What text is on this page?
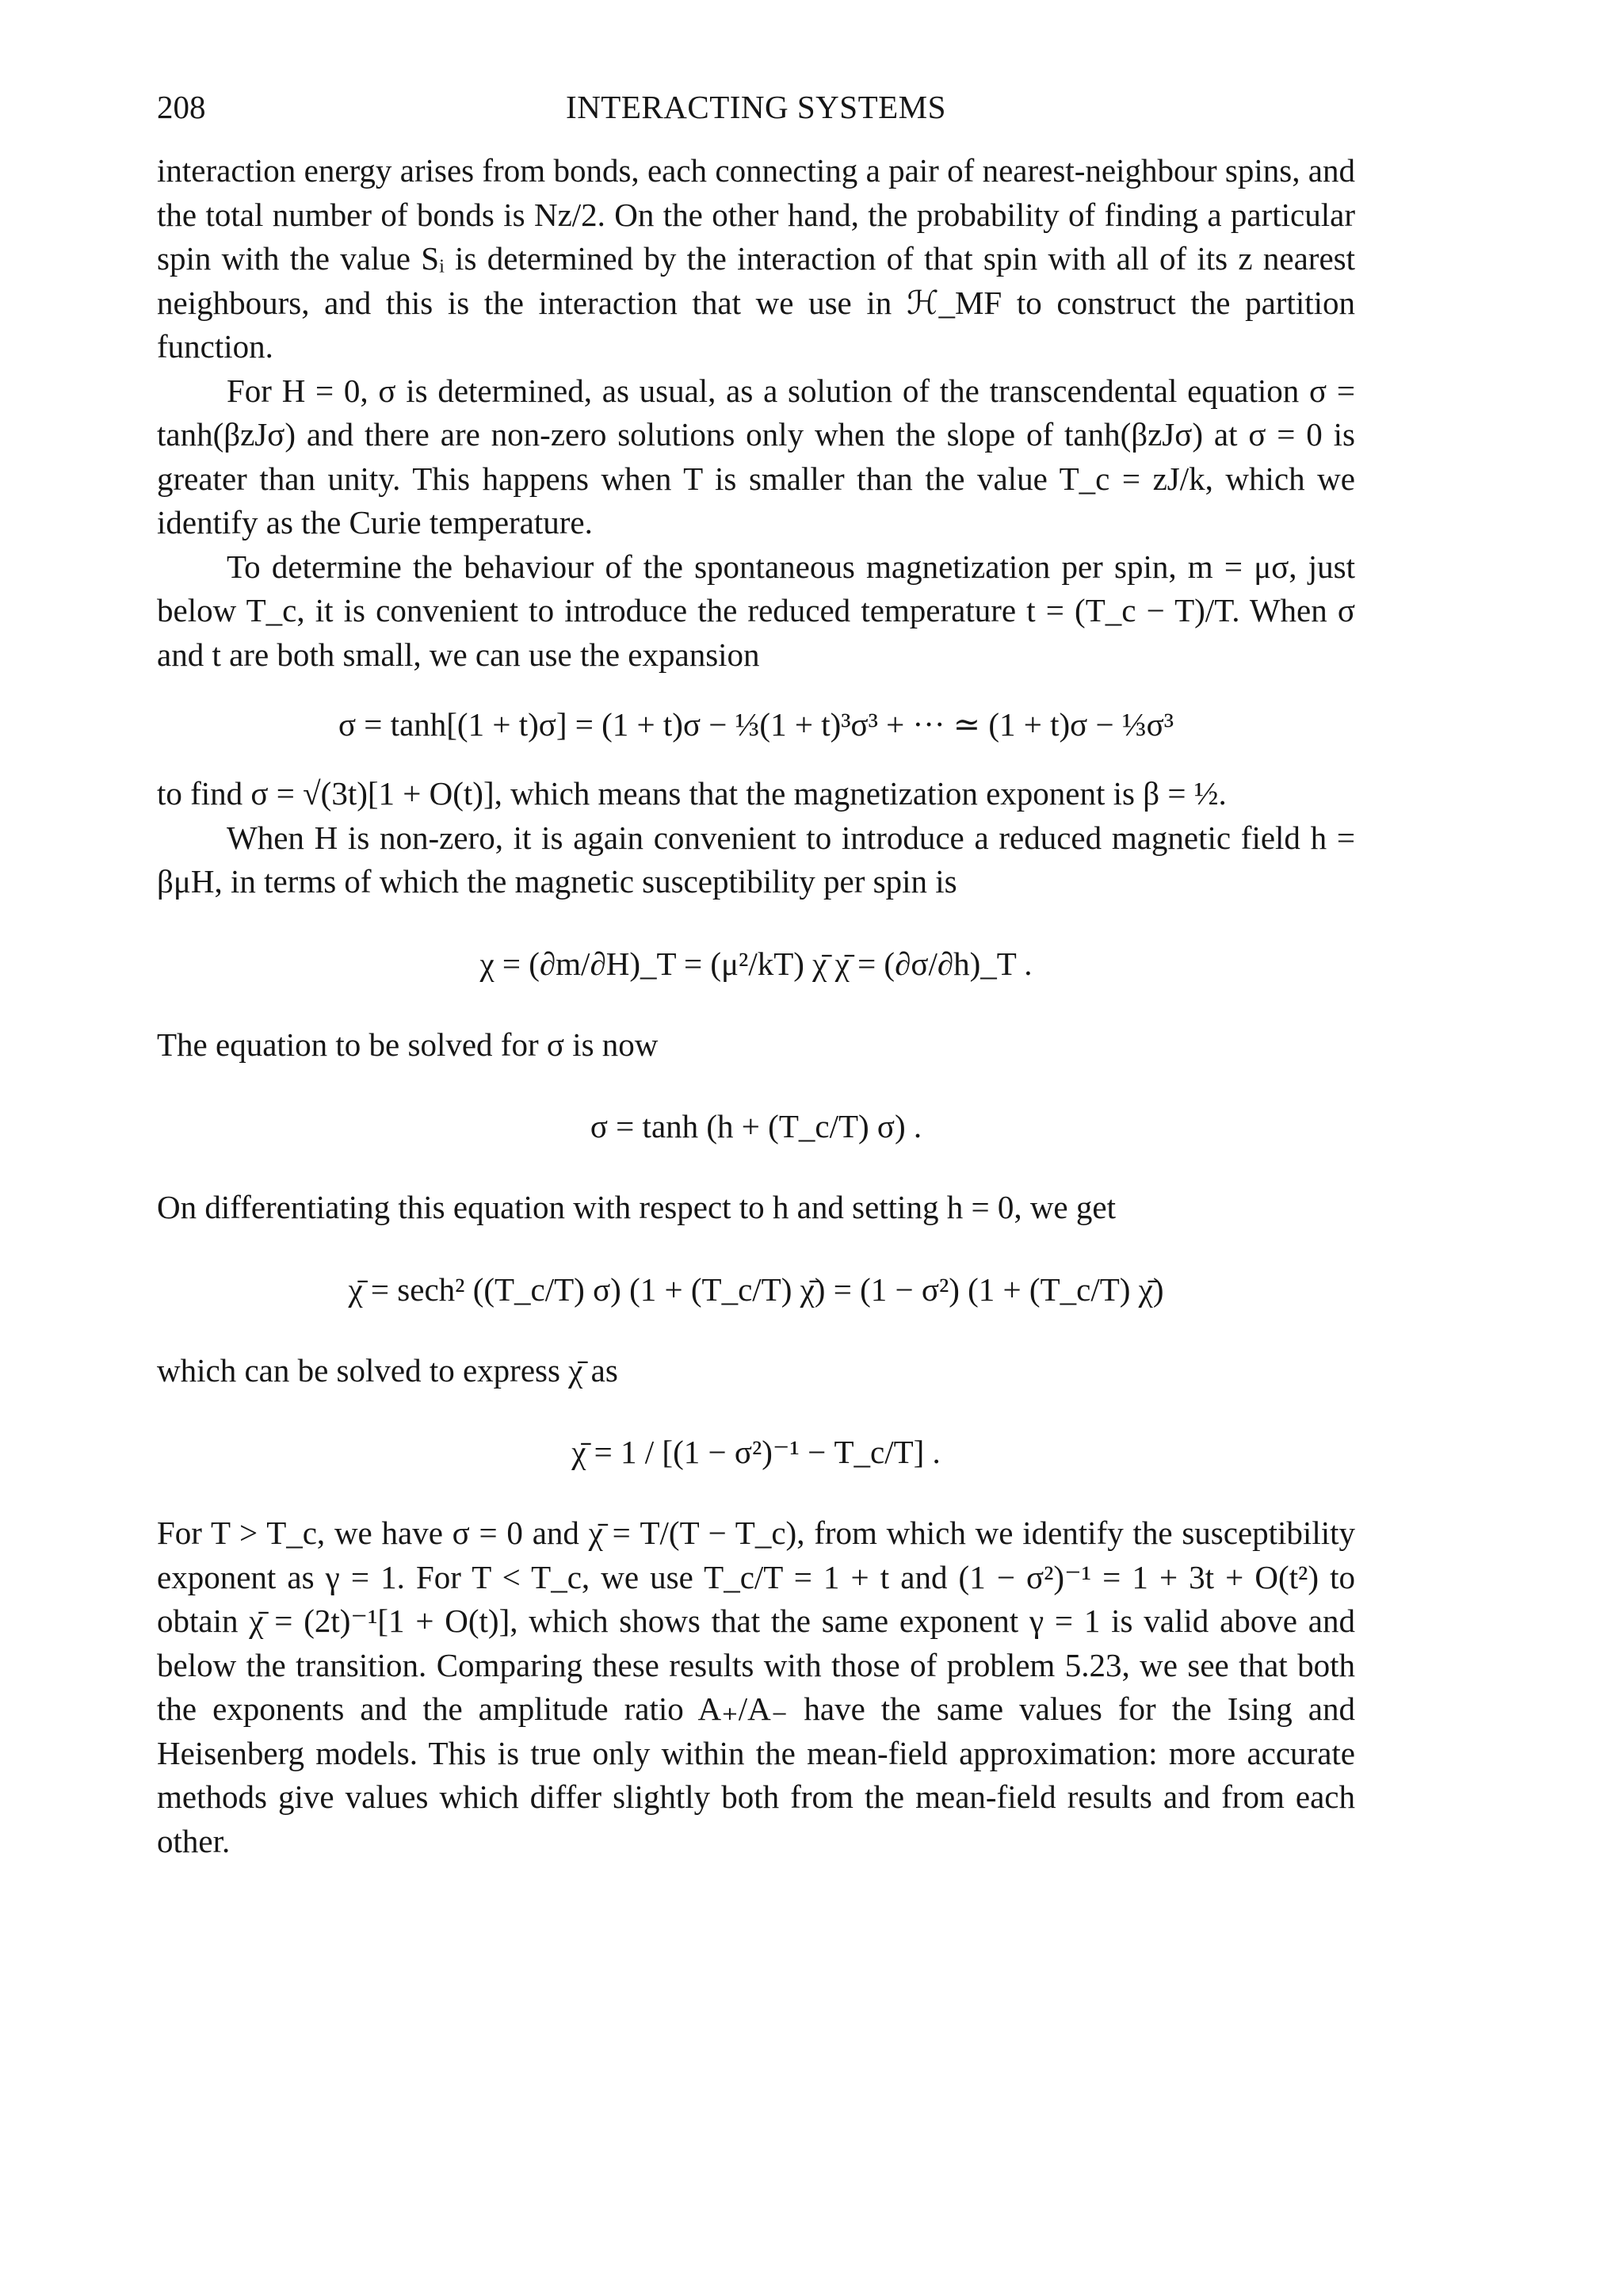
208	INTERACTING SYSTEMS

interaction energy arises from bonds, each connecting a pair of nearest-neighbour spins, and the total number of bonds is Nz/2. On the other hand, the probability of finding a particular spin with the value Sᵢ is determined by the interaction of that spin with all of its z nearest neighbours, and this is the interaction that we use in ℋ_MF to construct the partition function.

For H = 0, σ is determined, as usual, as a solution of the transcendental equation σ = tanh(βzJσ) and there are non-zero solutions only when the slope of tanh(βzJσ) at σ = 0 is greater than unity. This happens when T is smaller than the value T_c = zJ/k, which we identify as the Curie temperature.

To determine the behaviour of the spontaneous magnetization per spin, m = μσ, just below T_c, it is convenient to introduce the reduced temperature t = (T_c − T)/T. When σ and t are both small, we can use the expansion

σ = tanh[(1 + t)σ] = (1 + t)σ − ⅓(1 + t)³σ³ + ··· ≃ (1 + t)σ − ⅓σ³

to find σ = √(3t)[1 + O(t)], which means that the magnetization exponent is β = ½.

When H is non-zero, it is again convenient to introduce a reduced magnetic field h = βμH, in terms of which the magnetic susceptibility per spin is

χ = (∂m/∂H)_T = (μ²/kT) χ̄ χ̄ = (∂σ/∂h)_T .

The equation to be solved for σ is now

σ = tanh (h + (T_c/T) σ) .

On differentiating this equation with respect to h and setting h = 0, we get

χ̄ = sech² ((T_c/T) σ) (1 + (T_c/T) χ̄) = (1 − σ²) (1 + (T_c/T) χ̄)

which can be solved to express χ̄ as

χ̄ = 1 / [(1 − σ²)⁻¹ − T_c/T] .

For T > T_c, we have σ = 0 and χ̄ = T/(T − T_c), from which we identify the susceptibility exponent as γ = 1. For T < T_c, we use T_c/T = 1 + t and (1 − σ²)⁻¹ = 1 + 3t + O(t²) to obtain χ̄ = (2t)⁻¹[1 + O(t)], which shows that the same exponent γ = 1 is valid above and below the transition. Comparing these results with those of problem 5.23, we see that both the exponents and the amplitude ratio A₊/A₋ have the same values for the Ising and Heisenberg models. This is true only within the mean-field approximation: more accurate methods give values which differ slightly both from the mean-field results and from each other.
